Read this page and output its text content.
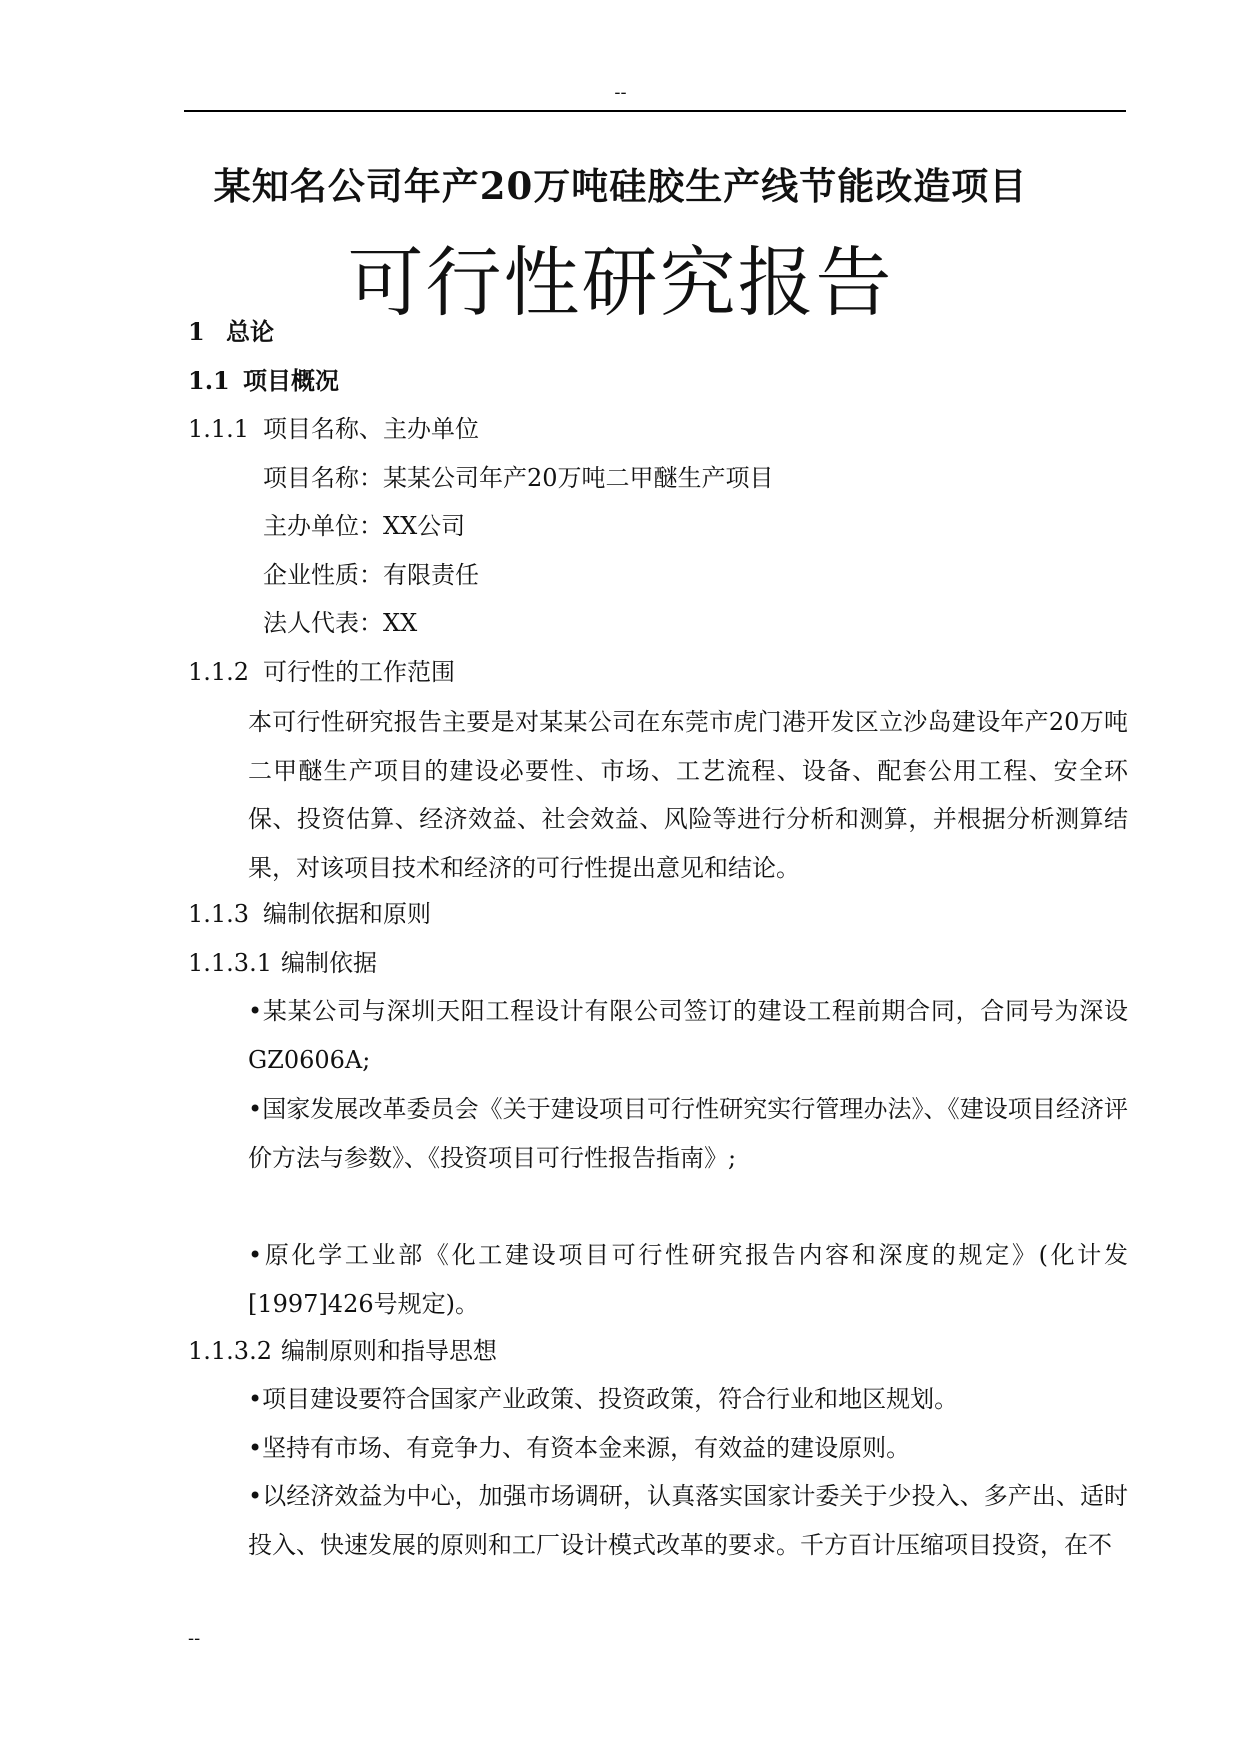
--
某知名公司年产20万吨硅胶生产线节能改造项目
可行性研究报告
1 总论
1.1 项目概况
1.1.1 项目名称、主办单位
项目名称：某某公司年产20万吨二甲醚生产项目
主办单位：XX公司
企业性质：有限责任
法人代表：XX
1.1.2 可行性的工作范围
本可行性研究报告主要是对某某公司在东莞市虎门港开发区立沙岛建设年产20万吨二甲醚生产项目的建设必要性、市场、工艺流程、设备、配套公用工程、安全环保、投资估算、经济效益、社会效益、风险等进行分析和测算，并根据分析测算结果，对该项目技术和经济的可行性提出意见和结论。
1.1.3 编制依据和原则
1.1.3.1 编制依据
•某某公司与深圳天阳工程设计有限公司签订的建设工程前期合同，合同号为深设GZ0606A;
•国家发展改革委员会《关于建设项目可行性研究实行管理办法》、《建设项目经济评价方法与参数》、《投资项目可行性报告指南》;
•原化学工业部《化工建设项目可行性研究报告内容和深度的规定》(化计发[1997]426号规定)。
1.1.3.2 编制原则和指导思想
•项目建设要符合国家产业政策、投资政策，符合行业和地区规划。
•坚持有市场、有竞争力、有资本金来源，有效益的建设原则。
•以经济效益为中心，加强市场调研，认真落实国家计委关于少投入、多产出、适时投入、快速发展的原则和工厂设计模式改革的要求。千方百计压缩项目投资，在不
--
